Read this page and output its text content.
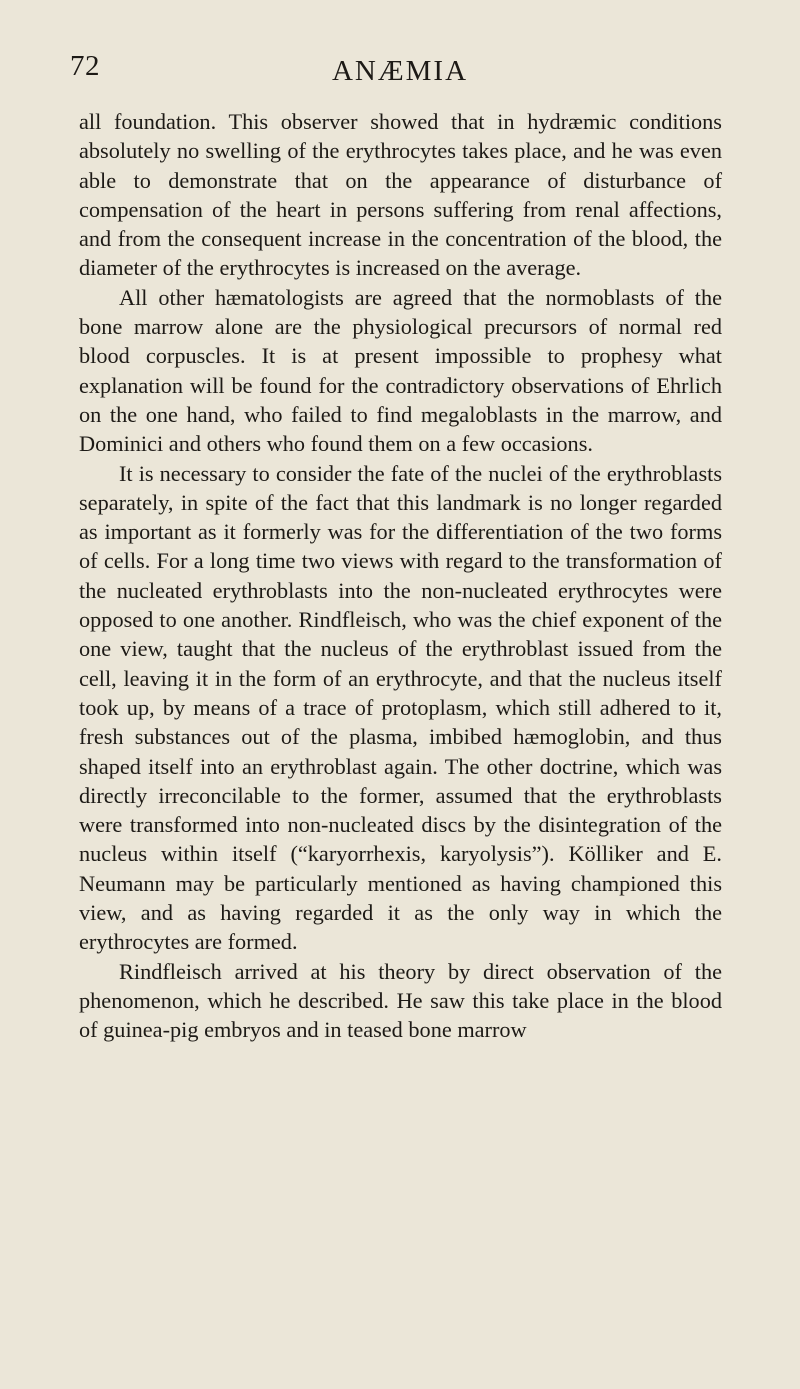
72	ANÆMIA

all foundation. This observer showed that in hydræmic conditions absolutely no swelling of the erythrocytes takes place, and he was even able to demonstrate that on the appearance of disturbance of compensation of the heart in persons suffering from renal affections, and from the consequent increase in the concentration of the blood, the diameter of the erythrocytes is increased on the average.

All other hæmatologists are agreed that the normoblasts of the bone marrow alone are the physiological precursors of normal red blood corpuscles. It is at present impossible to prophesy what explanation will be found for the contradictory observations of Ehrlich on the one hand, who failed to find megaloblasts in the marrow, and Dominici and others who found them on a few occasions.

It is necessary to consider the fate of the nuclei of the erythroblasts separately, in spite of the fact that this landmark is no longer regarded as important as it formerly was for the differentiation of the two forms of cells. For a long time two views with regard to the transformation of the nucleated erythroblasts into the non-nucleated erythrocytes were opposed to one another. Rindfleisch, who was the chief exponent of the one view, taught that the nucleus of the erythroblast issued from the cell, leaving it in the form of an erythrocyte, and that the nucleus itself took up, by means of a trace of protoplasm, which still adhered to it, fresh substances out of the plasma, imbibed hæmoglobin, and thus shaped itself into an erythroblast again. The other doctrine, which was directly irreconcilable to the former, assumed that the erythroblasts were transformed into non-nucleated discs by the disintegration of the nucleus within itself (“karyorrhexis, karyolysis”). Kölliker and E. Neumann may be particularly mentioned as having championed this view, and as having regarded it as the only way in which the erythrocytes are formed.

Rindfleisch arrived at his theory by direct observation of the phenomenon, which he described. He saw this take place in the blood of guinea-pig embryos and in teased bone marrow
